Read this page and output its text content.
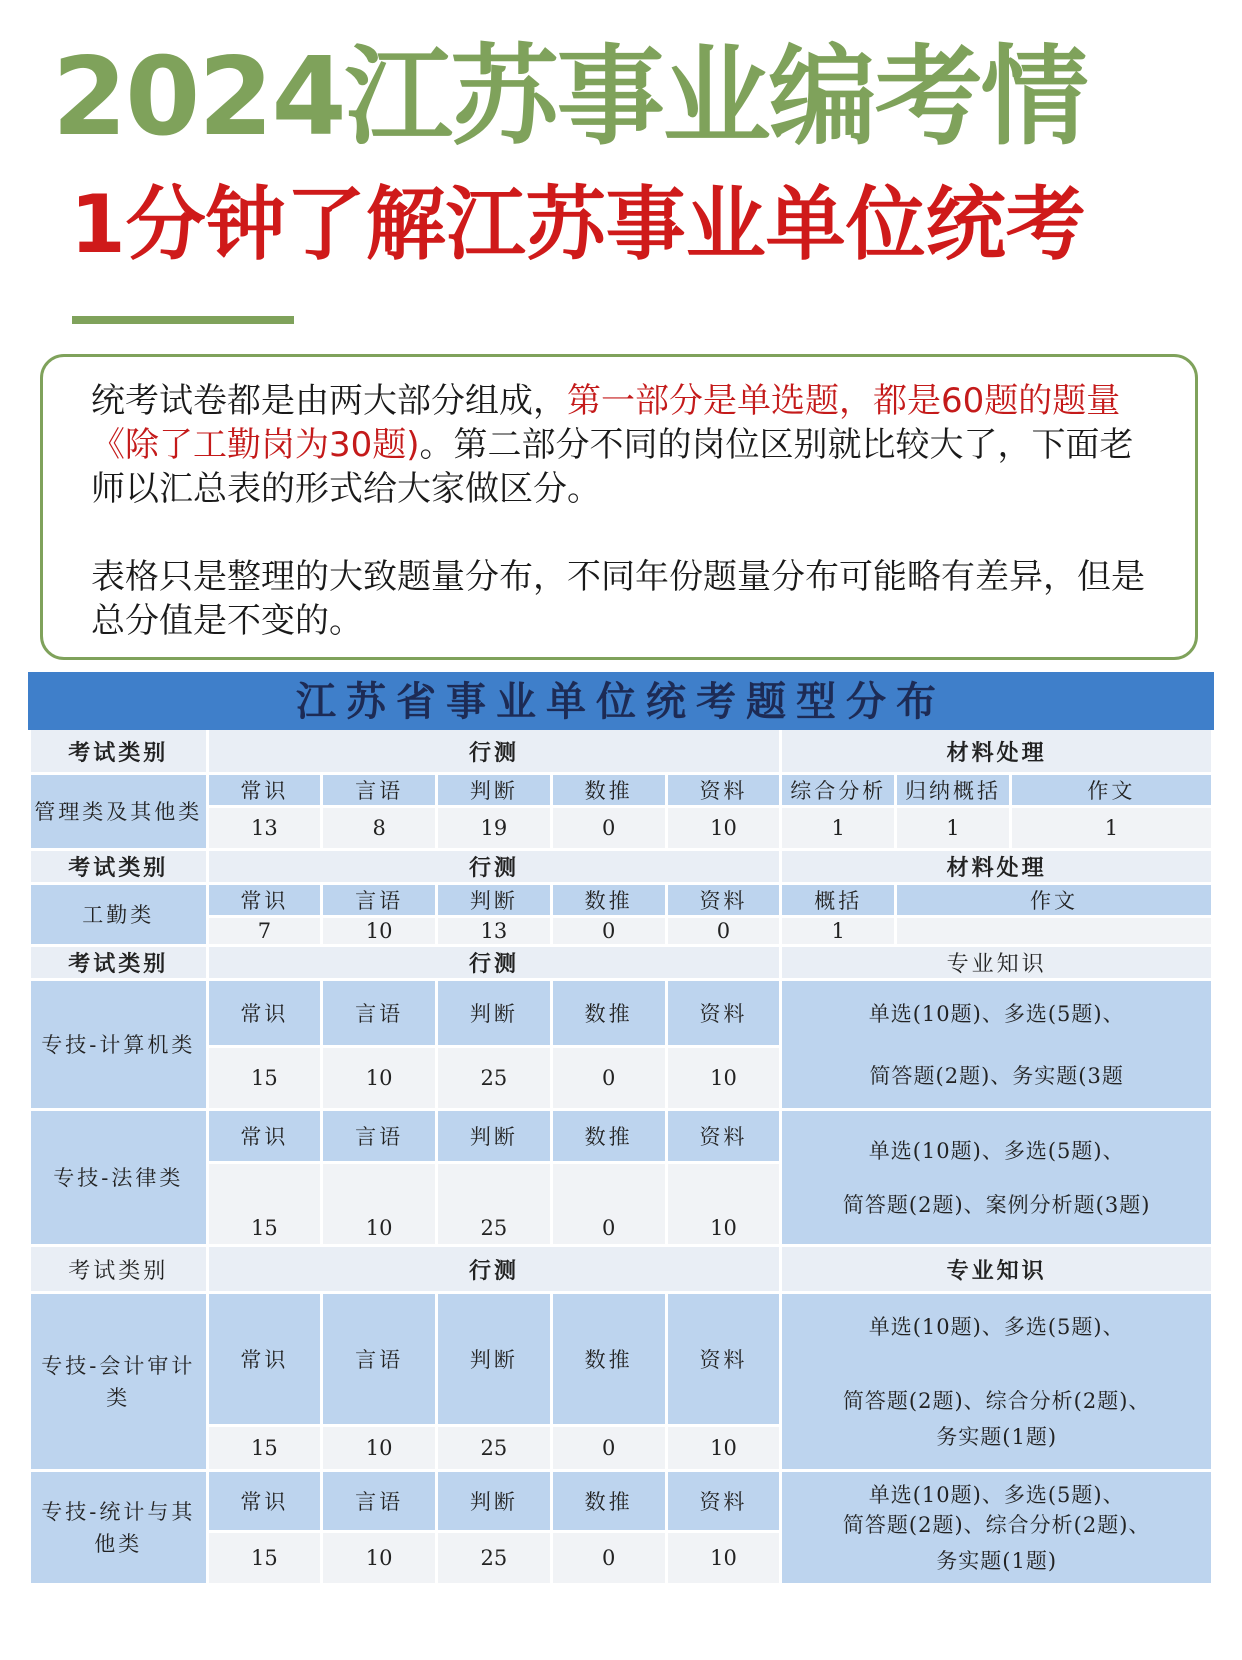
2024江苏事业编考情
1分钟了解江苏事业单位统考

统考试卷都是由两大部分组成，第一部分是单选题，都是60题的题量《除了工勤岗为30题)。第二部分不同的岗位区别就比较大了，下面老师以汇总表的形式给大家做区分。

表格只是整理的大致题量分布，不同年份题量分布可能略有差异，但是总分值是不变的。

江苏省事业单位统考题型分布
考试类别	行测					材料处理		
管理类及其他类	常识	言语	判断	数推	资料	综合分析	归纳概括	作文
	13	8	19	0	10	1	1	1
考试类别	行测					材料处理		
工勤类	常识	言语	判断	数推	资料	概括	作文	
	7	10	13	0	0	1		
考试类别	行测					专业知识		
专技-计算机类	常识	言语	判断	数推	资料	单选(10题)、多选(5题)、
简答题(2题)、务实题(3题		

	15	10	25	0	10			
专技-法律类	常识	言语	判断	数推	资料	单选(10题)、多选(5题)、
简答题(2题)、案例分析题(3题)		

	15	10	25	0	10			
考试类别	行测					专业知识		
专技-会计审计类	常识	言语	判断	数推	资料	单选(10题)、多选(5题)、
简答题(2题)、综合分析(2题)、
务实题(1题)		

	15	10	25	0	10			
专技-统计与其他类	常识	言语	判断	数推	资料	单选(10题)、多选(5题)、
简答题(2题)、综合分析(2题)、
务实题(1题)		

	15	10	25	0	10			
